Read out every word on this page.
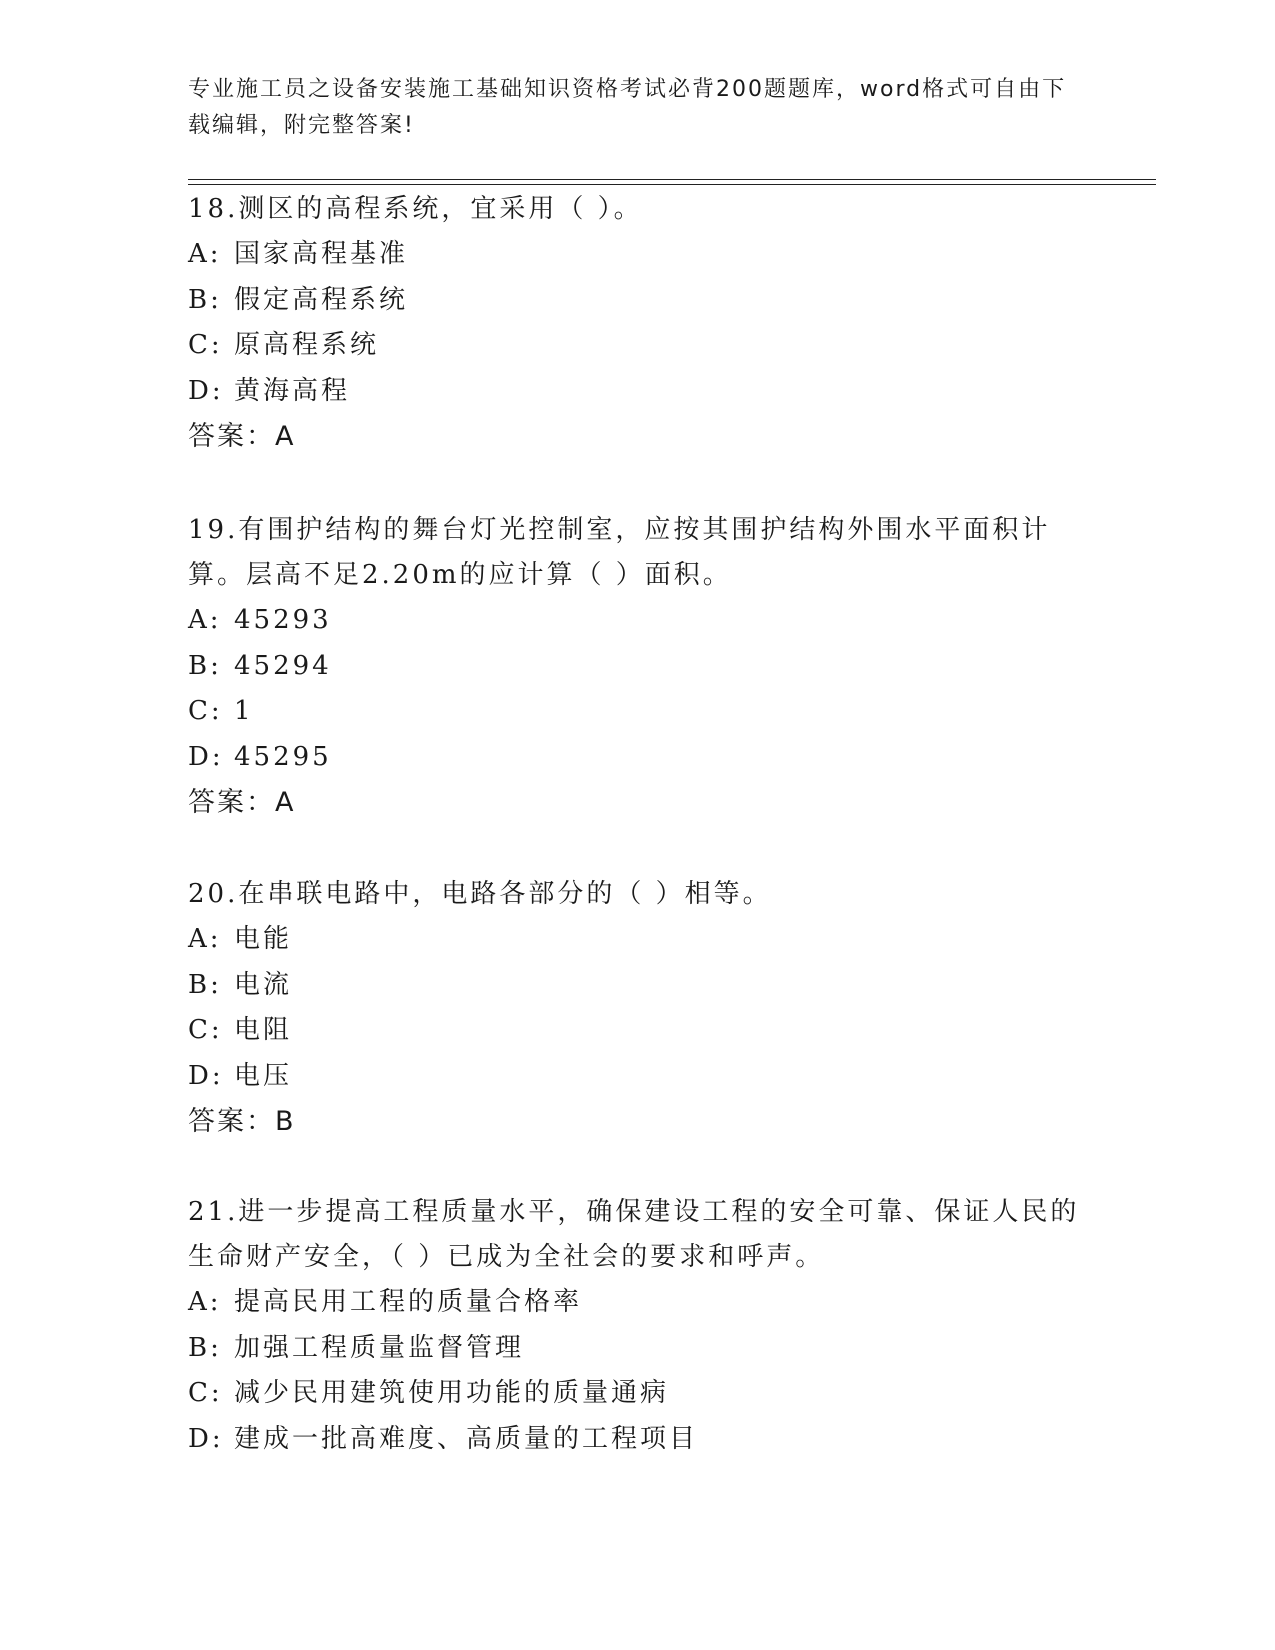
专业施工员之设备安装施工基础知识资格考试必背200题题库，word格式可自由下载编辑，附完整答案!

18.测区的高程系统，宜采用（ ）。

A: 国家高程基准

B: 假定高程系统

C: 原高程系统

D: 黄海高程

答案：A

19.有围护结构的舞台灯光控制室，应按其围护结构外围水平面积计算。层高不足2.20m的应计算（ ）面积。

A: 45293

B: 45294

C: 1

D: 45295

答案：A

20.在串联电路中，电路各部分的（ ）相等。

A: 电能

B: 电流

C: 电阻

D: 电压

答案：B

21.进一步提高工程质量水平，确保建设工程的安全可靠、保证人民的生命财产安全，（ ）已成为全社会的要求和呼声。

A: 提高民用工程的质量合格率

B: 加强工程质量监督管理

C: 减少民用建筑使用功能的质量通病

D: 建成一批高难度、高质量的工程项目
